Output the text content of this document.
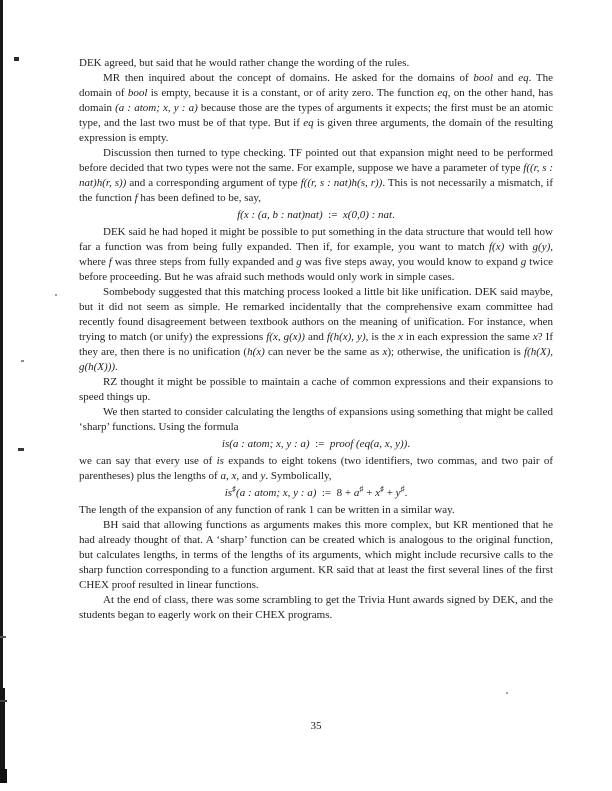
DEK agreed, but said that he would rather change the wording of the rules.
MR then inquired about the concept of domains. He asked for the domains of bool and eq. The domain of bool is empty, because it is a constant, or of arity zero. The function eq, on the other hand, has domain (a : atom; x, y : a) because those are the types of arguments it expects; the first must be an atomic type, and the last two must be of that type. But if eq is given three arguments, the domain of the resulting expression is empty.
Discussion then turned to type checking. TF pointed out that expansion might need to be performed before decided that two types were not the same. For example, suppose we have a parameter of type f((r, s : nat)h(r, s)) and a corresponding argument of type f((r, s : nat)h(s, r)). This is not necessarily a mismatch, if the function f has been defined to be, say,
f(x : (a, b : nat)nat) := x(0,0) : nat.
DEK said he had hoped it might be possible to put something in the data structure that would tell how far a function was from being fully expanded. Then if, for example, you want to match f(x) with g(y), where f was three steps from fully expanded and g was five steps away, you would know to expand g twice before proceeding. But he was afraid such methods would only work in simple cases.
Sombebody suggested that this matching process looked a little bit like unification. DEK said maybe, but it did not seem as simple. He remarked incidentally that the comprehensive exam committee had recently found disagreement between textbook authors on the meaning of unification. For instance, when trying to match (or unify) the expressions f(x, g(x)) and f(h(x), y), is the x in each expression the same x? If they are, then there is no unification (h(x) can never be the same as x); otherwise, the unification is f(h(X), g(h(X))).
RZ thought it might be possible to maintain a cache of common expressions and their expansions to speed things up.
We then started to consider calculating the lengths of expansions using something that might be called ‘sharp’ functions. Using the formula
is(a : atom; x, y : a) := proof (eq(a, x, y)).
we can say that every use of is expands to eight tokens (two identifiers, two commas, and two pair of parentheses) plus the lengths of a, x, and y. Symbolically,
is♯(a : atom; x, y : a) := 8 + a♯ + x♯ + y♯.
The length of the expansion of any function of rank 1 can be written in a similar way.
BH said that allowing functions as arguments makes this more complex, but KR mentioned that he had already thought of that. A ‘sharp’ function can be created which is analogous to the original function, but calculates lengths, in terms of the lengths of its arguments, which might include recursive calls to the sharp function corresponding to a function argument. KR said that at least the first several lines of the first CHEX proof resulted in linear functions.
At the end of class, there was some scrambling to get the Trivia Hunt awards signed by DEK, and the students began to eagerly work on their CHEX programs.
35
